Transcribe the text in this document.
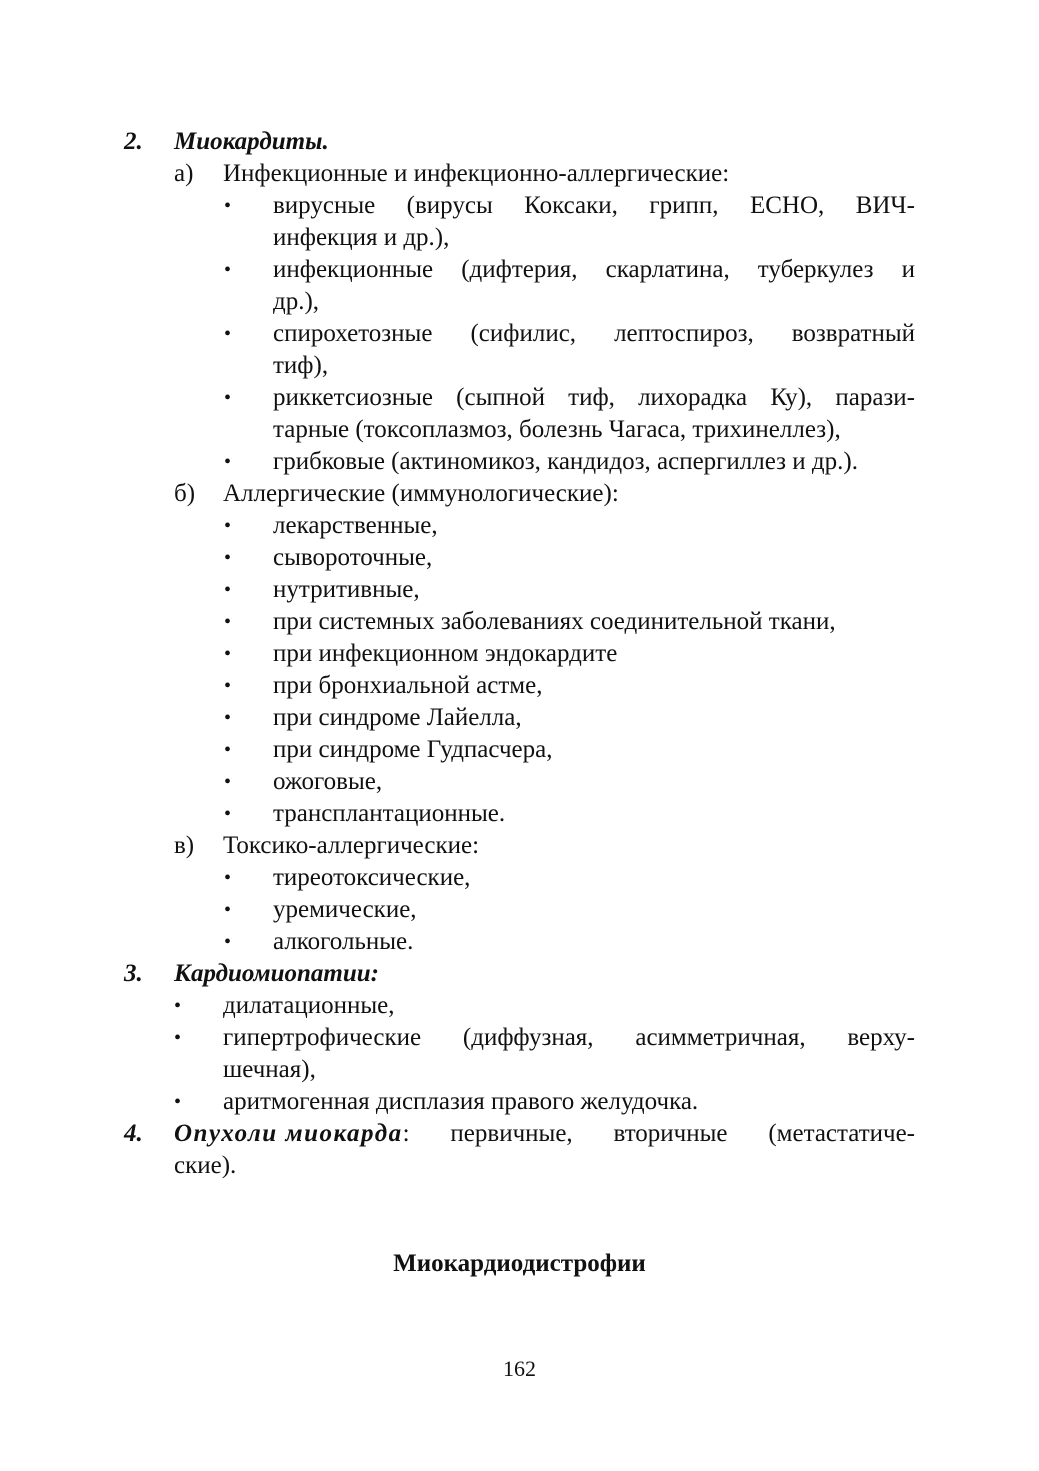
2. Миокардиты.
а) Инфекционные и инфекционно-аллергические:
• вирусные (вирусы Коксаки, грипп, ЕСНО, ВИЧ-
инфекция и др.),
• инфекционные (дифтерия, скарлатина, туберкулез и
др.),
• спирохетозные (сифилис, лептоспироз, возвратный
тиф),
• риккетсиозные (сыпной тиф, лихорадка Ку), парази-
тарные (токсоплазмоз, болезнь Чагаса, трихинеллез),
• грибковые (актиномикоз, кандидоз, аспергиллез и др.).
б) Аллергические (иммунологические):
• лекарственные,
• сывороточные,
• нутритивные,
• при системных заболеваниях соединительной ткани,
• при инфекционном эндокардите
• при бронхиальной астме,
• при синдроме Лайелла,
• при синдроме Гудпасчера,
• ожоговые,
• трансплантационные.
в) Токсико-аллергические:
• тиреотоксические,
• уремические,
• алкогольные.
3. Кардиомиопатии:
• дилатационные,
• гипертрофические (диффузная, асимметричная, верху-
шечная),
• аритмогенная дисплазия правого желудочка.
4. Опухоли миокарда : первичные, вторичные (метастатиче-
ские).
Миокардиодистрофии
162
